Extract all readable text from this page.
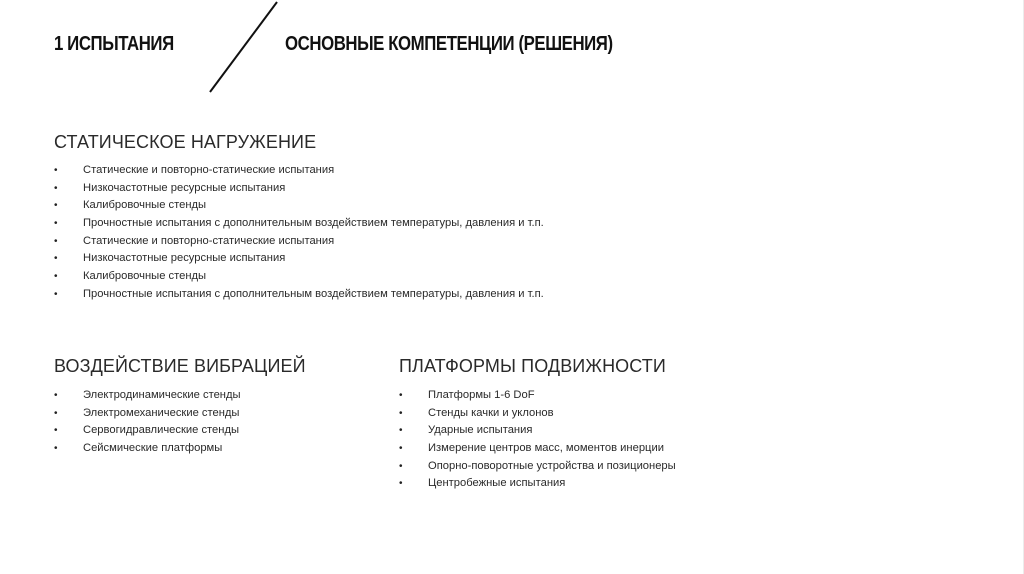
1 ИСПЫТАНИЯ	ОСНОВНЫЕ КОМПЕТЕНЦИИ (РЕШЕНИЯ)
СТАТИЧЕСКОЕ НАГРУЖЕНИЕ
• Статические и повторно-статические испытания
• Низкочастотные ресурсные испытания
• Калибровочные стенды
• Прочностные испытания с дополнительным воздействием температуры, давления и т.п.
• Статические и повторно-статические испытания
• Низкочастотные ресурсные испытания
• Калибровочные стенды
• Прочностные испытания с дополнительным воздействием температуры, давления и т.п.
ВОЗДЕЙСТВИЕ ВИБРАЦИЕЙ
• Электродинамические стенды
• Электромеханические стенды
• Сервогидравлические стенды
• Сейсмические платформы
ПЛАТФОРМЫ ПОДВИЖНОСТИ
• Платформы 1-6 DoF
• Стенды качки и уклонов
• Ударные испытания
• Измерение центров масс, моментов инерции
• Опорно-поворотные устройства и позиционеры
• Центробежные испытания
